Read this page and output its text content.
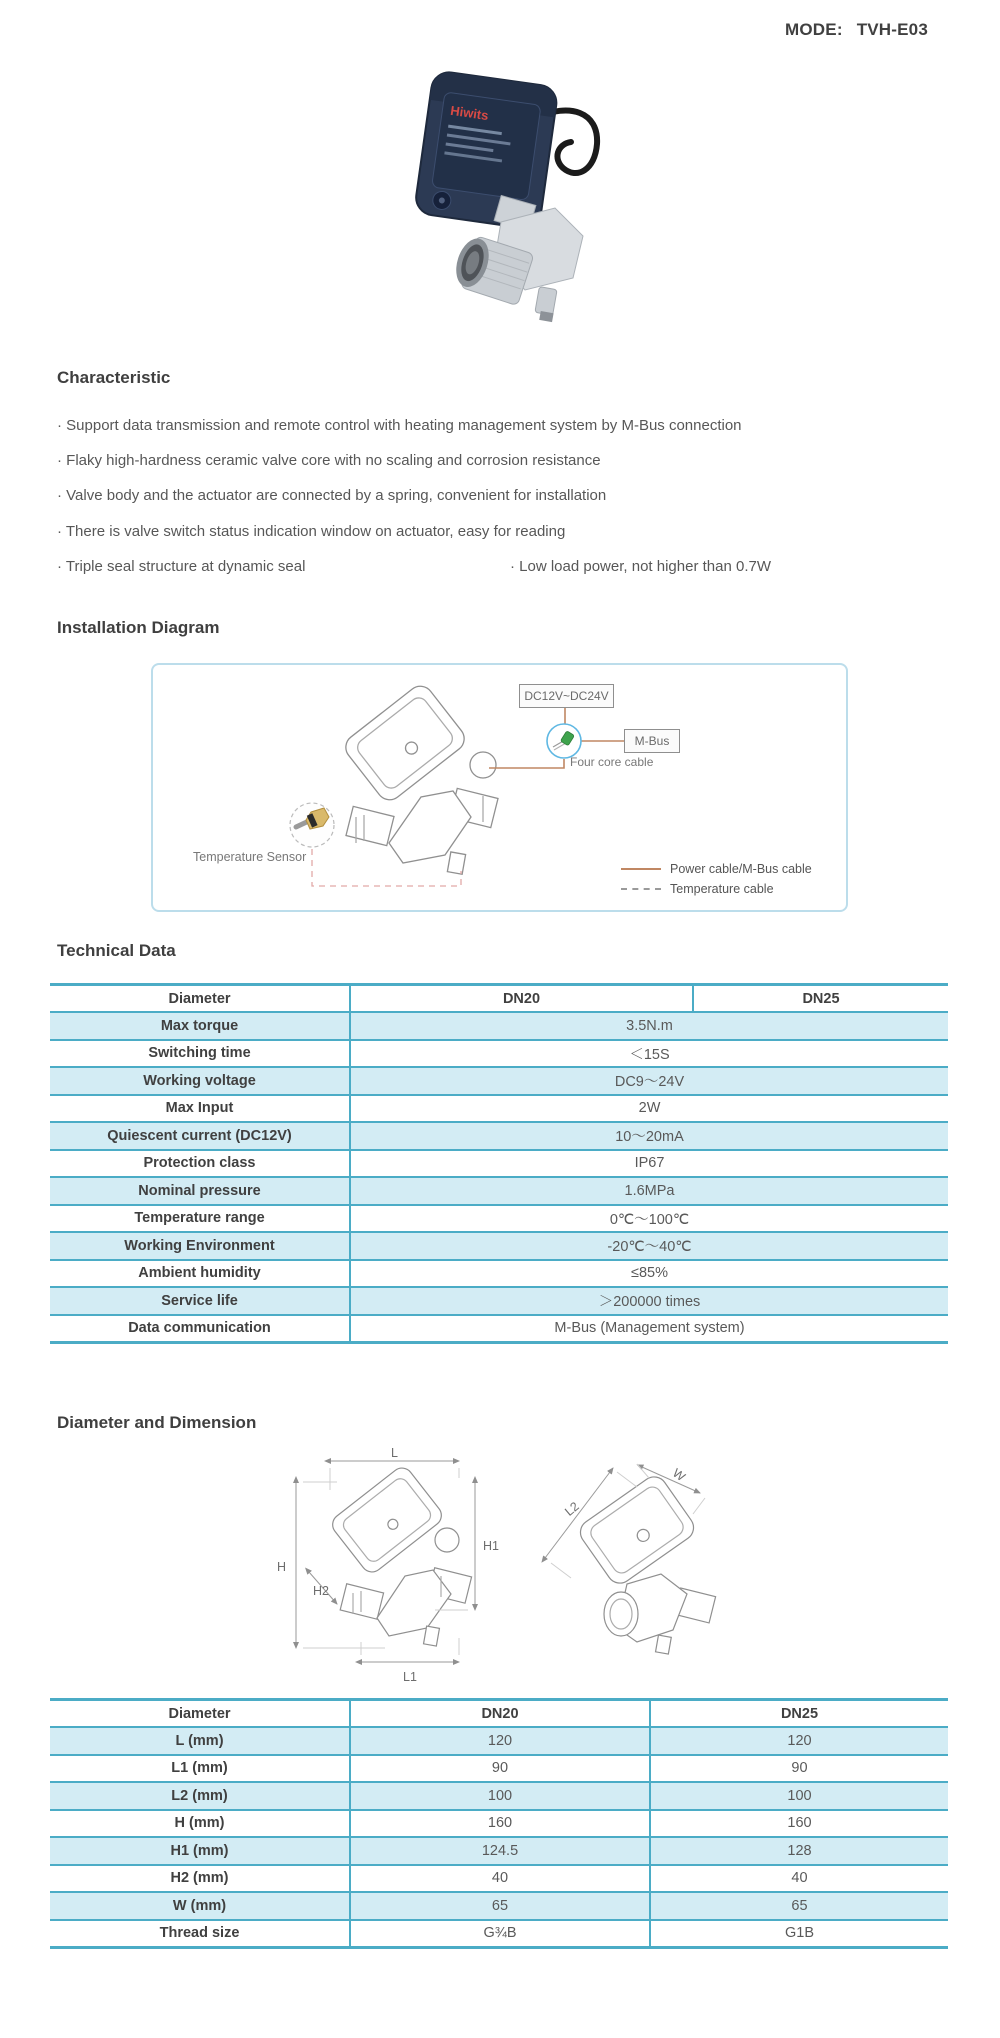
MODE: TVH-E03
Hiwits
Characteristic
· Support data transmission and remote control with heating management system by M-Bus connection
· Flaky high-hardness ceramic valve core with no scaling and corrosion resistance
· Valve body and the actuator are connected by a spring, convenient for installation
· There is valve switch status indication window on actuator, easy for reading
· Triple seal structure at dynamic seal	· Low load power, not higher than 0.7W
Installation Diagram
DC12V~DC24V
M-Bus
Four core cable
Temperature Sensor
Power cable/M-Bus cable
Temperature cable
Technical Data
Diameter	DN20	DN25
Max torque	3.5N.m	
Switching time	＜15S	
Working voltage	DC9～24V	
Max Input	2W	
Quiescent current (DC12V)	10～20mA	
Protection class	IP67	
Nominal pressure	1.6MPa	
Temperature range	0℃～100℃	
Working Environment	-20℃～40℃	
Ambient humidity	≤85%	
Service life	＞200000 times	
Data communication	M-Bus (Management system)	
Diameter and Dimension
L
H
H2
H1
L1
L2
W
Diameter	DN20	DN25
L (mm)	120	120
L1 (mm)	90	90
L2 (mm)	100	100
H (mm)	160	160
H1 (mm)	124.5	128
H2 (mm)	40	40
W (mm)	65	65
Thread size	G¾B	G1B
